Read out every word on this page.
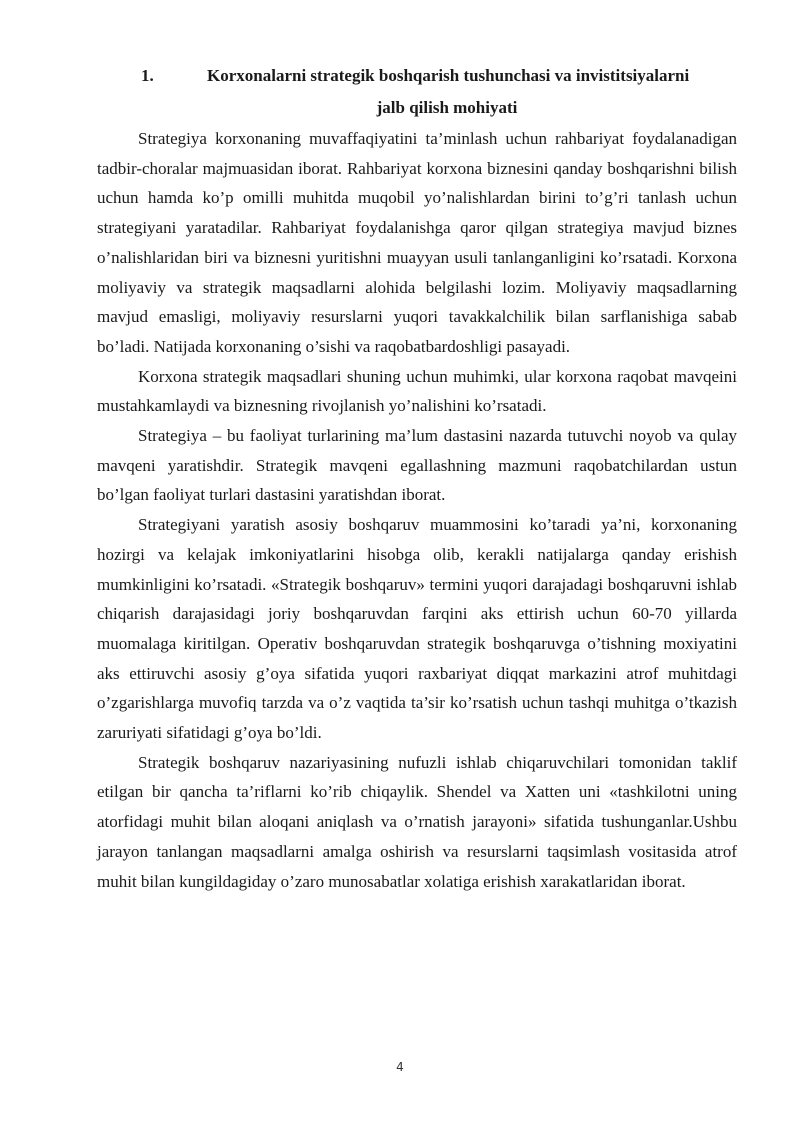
1.	Korxonalarni strategik boshqarish tushunchasi va invistitsiyalarni
jalb qilish mohiyati

Strategiya korxonaning muvaffaqiyatini ta’minlash uchun rahbariyat foydalanadigan tadbir-choralar majmuasidan iborat. Rahbariyat korxona biznesini qanday boshqarishni bilish uchun hamda ko’p omilli muhitda muqobil yo’nalishlardan birini to’g’ri tanlash uchun strategiyani yaratadilar. Rahbariyat foydalanishga qaror qilgan strategiya mavjud biznes o’nalishlaridan biri va biznesni yuritishni muayyan usuli tanlanganligini ko’rsatadi. Korxona moliyaviy va strategik maqsadlarni alohida belgilashi lozim. Moliyaviy maqsadlarning mavjud emasligi, moliyaviy resurslarni yuqori tavakkalchilik bilan sarflanishiga sabab bo’ladi. Natijada korxonaning o’sishi va raqobatbardoshligi pasayadi.

Korxona strategik maqsadlari shuning uchun muhimki, ular korxona raqobat mavqeini mustahkamlaydi va biznesning rivojlanish yo’nalishini ko’rsatadi.

Strategiya – bu faoliyat turlarining ma’lum dastasini nazarda tutuvchi noyob va qulay mavqeni yaratishdir. Strategik mavqeni egallashning mazmuni raqobatchilardan ustun bo’lgan faoliyat turlari dastasini yaratishdan iborat.

Strategiyani yaratish asosiy boshqaruv muammosini ko’taradi ya’ni, korxonaning hozirgi va kelajak imkoniyatlarini hisobga olib, kerakli natijalarga qanday erishish mumkinligini ko’rsatadi. «Strategik boshqaruv» termini yuqori darajadagi boshqaruvni ishlab chiqarish darajasidagi joriy boshqaruvdan farqini aks ettirish uchun 60-70 yillarda muomalaga kiritilgan. Operativ boshqaruvdan strategik boshqaruvga o’tishning moxiyatini aks ettiruvchi asosiy g’oya sifatida yuqori raxbariyat diqqat markazini atrof muhitdagi o’zgarishlarga muvofiq tarzda va o’z vaqtida ta’sir ko’rsatish uchun tashqi muhitga o’tkazish zaruriyati sifatidagi g’oya bo’ldi.

Strategik boshqaruv nazariyasining nufuzli ishlab chiqaruvchilari tomonidan taklif etilgan bir qancha ta’riflarni ko’rib chiqaylik. Shendel va Xatten uni «tashkilotni uning atorfidagi muhit bilan aloqani aniqlash va o’rnatish jarayoni» sifatida tushunganlar.Ushbu jarayon tanlangan maqsadlarni amalga oshirish va resurslarni taqsimlash vositasida atrof muhit bilan kungildagiday o’zaro munosabatlar xolatiga erishish xarakatlaridan iborat.

4
